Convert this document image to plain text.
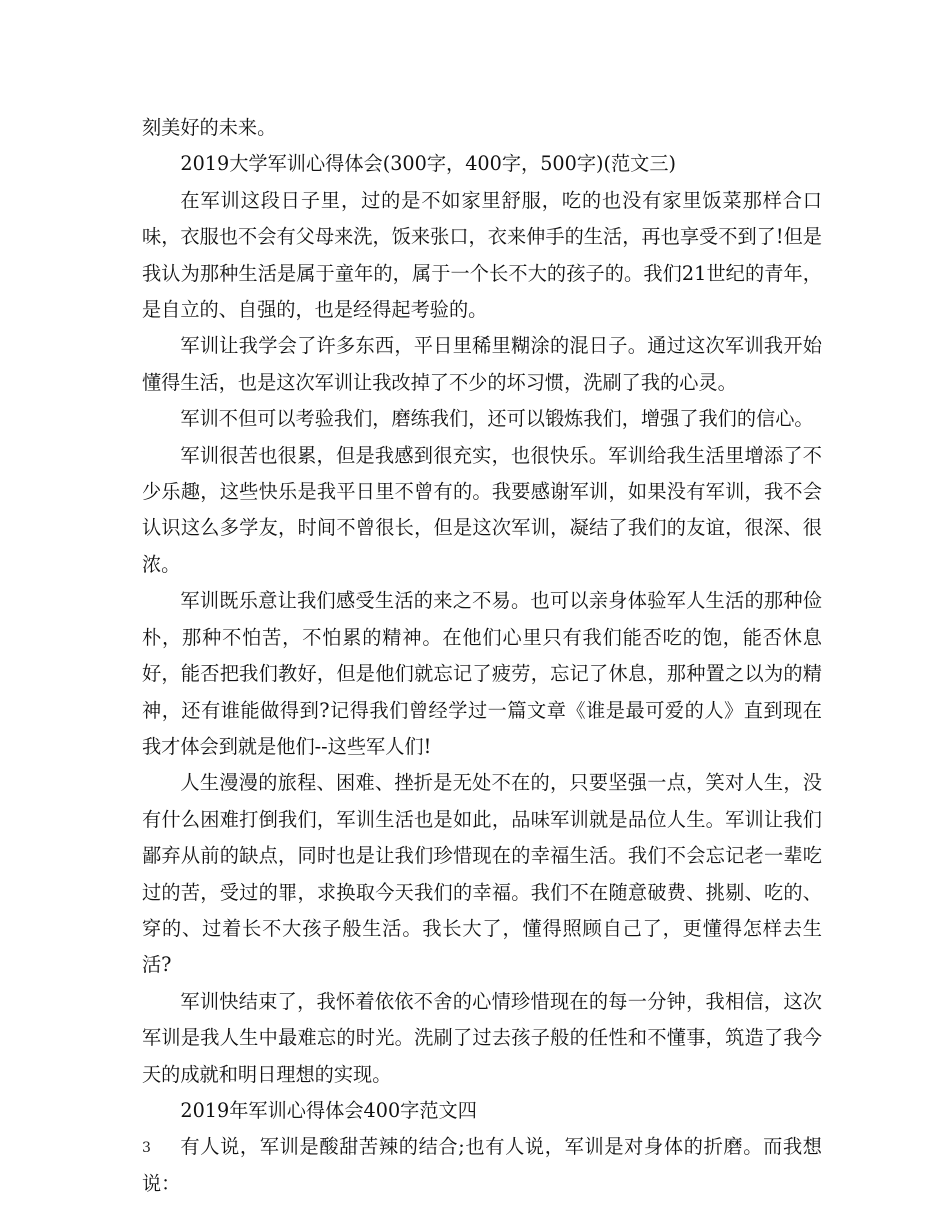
刻美好的未来。

2019大学军训心得体会(300字，400字，500字)(范文三)

在军训这段日子里，过的是不如家里舒服，吃的也没有家里饭菜那样合口味，衣服也不会有父母来洗，饭来张口，衣来伸手的生活，再也享受不到了!但是我认为那种生活是属于童年的，属于一个长不大的孩子的。我们21世纪的青年，是自立的、自强的，也是经得起考验的。

军训让我学会了许多东西，平日里稀里糊涂的混日子。通过这次军训我开始懂得生活，也是这次军训让我改掉了不少的坏习惯，洗刷了我的心灵。

军训不但可以考验我们，磨练我们，还可以锻炼我们，增强了我们的信心。

军训很苦也很累，但是我感到很充实，也很快乐。军训给我生活里增添了不少乐趣，这些快乐是我平日里不曾有的。我要感谢军训，如果没有军训，我不会认识这么多学友，时间不曾很长，但是这次军训，凝结了我们的友谊，很深、很浓。

军训既乐意让我们感受生活的来之不易。也可以亲身体验军人生活的那种俭朴，那种不怕苦，不怕累的精神。在他们心里只有我们能否吃的饱，能否休息好，能否把我们教好，但是他们就忘记了疲劳，忘记了休息，那种置之以为的精神，还有谁能做得到?记得我们曾经学过一篇文章《谁是最可爱的人》直到现在我才体会到就是他们--这些军人们!

人生漫漫的旅程、困难、挫折是无处不在的，只要坚强一点，笑对人生，没有什么困难打倒我们，军训生活也是如此，品味军训就是品位人生。军训让我们鄙弃从前的缺点，同时也是让我们珍惜现在的幸福生活。我们不会忘记老一辈吃过的苦，受过的罪，求换取今天我们的幸福。我们不在随意破费、挑剔、吃的、穿的、过着长不大孩子般生活。我长大了，懂得照顾自己了，更懂得怎样去生活?

军训快结束了，我怀着依依不舍的心情珍惜现在的每一分钟，我相信，这次军训是我人生中最难忘的时光。洗刷了过去孩子般的任性和不懂事，筑造了我今天的成就和明日理想的实现。

2019年军训心得体会400字范文四

有人说，军训是酸甜苦辣的结合;也有人说，军训是对身体的折磨。而我想说：

3
